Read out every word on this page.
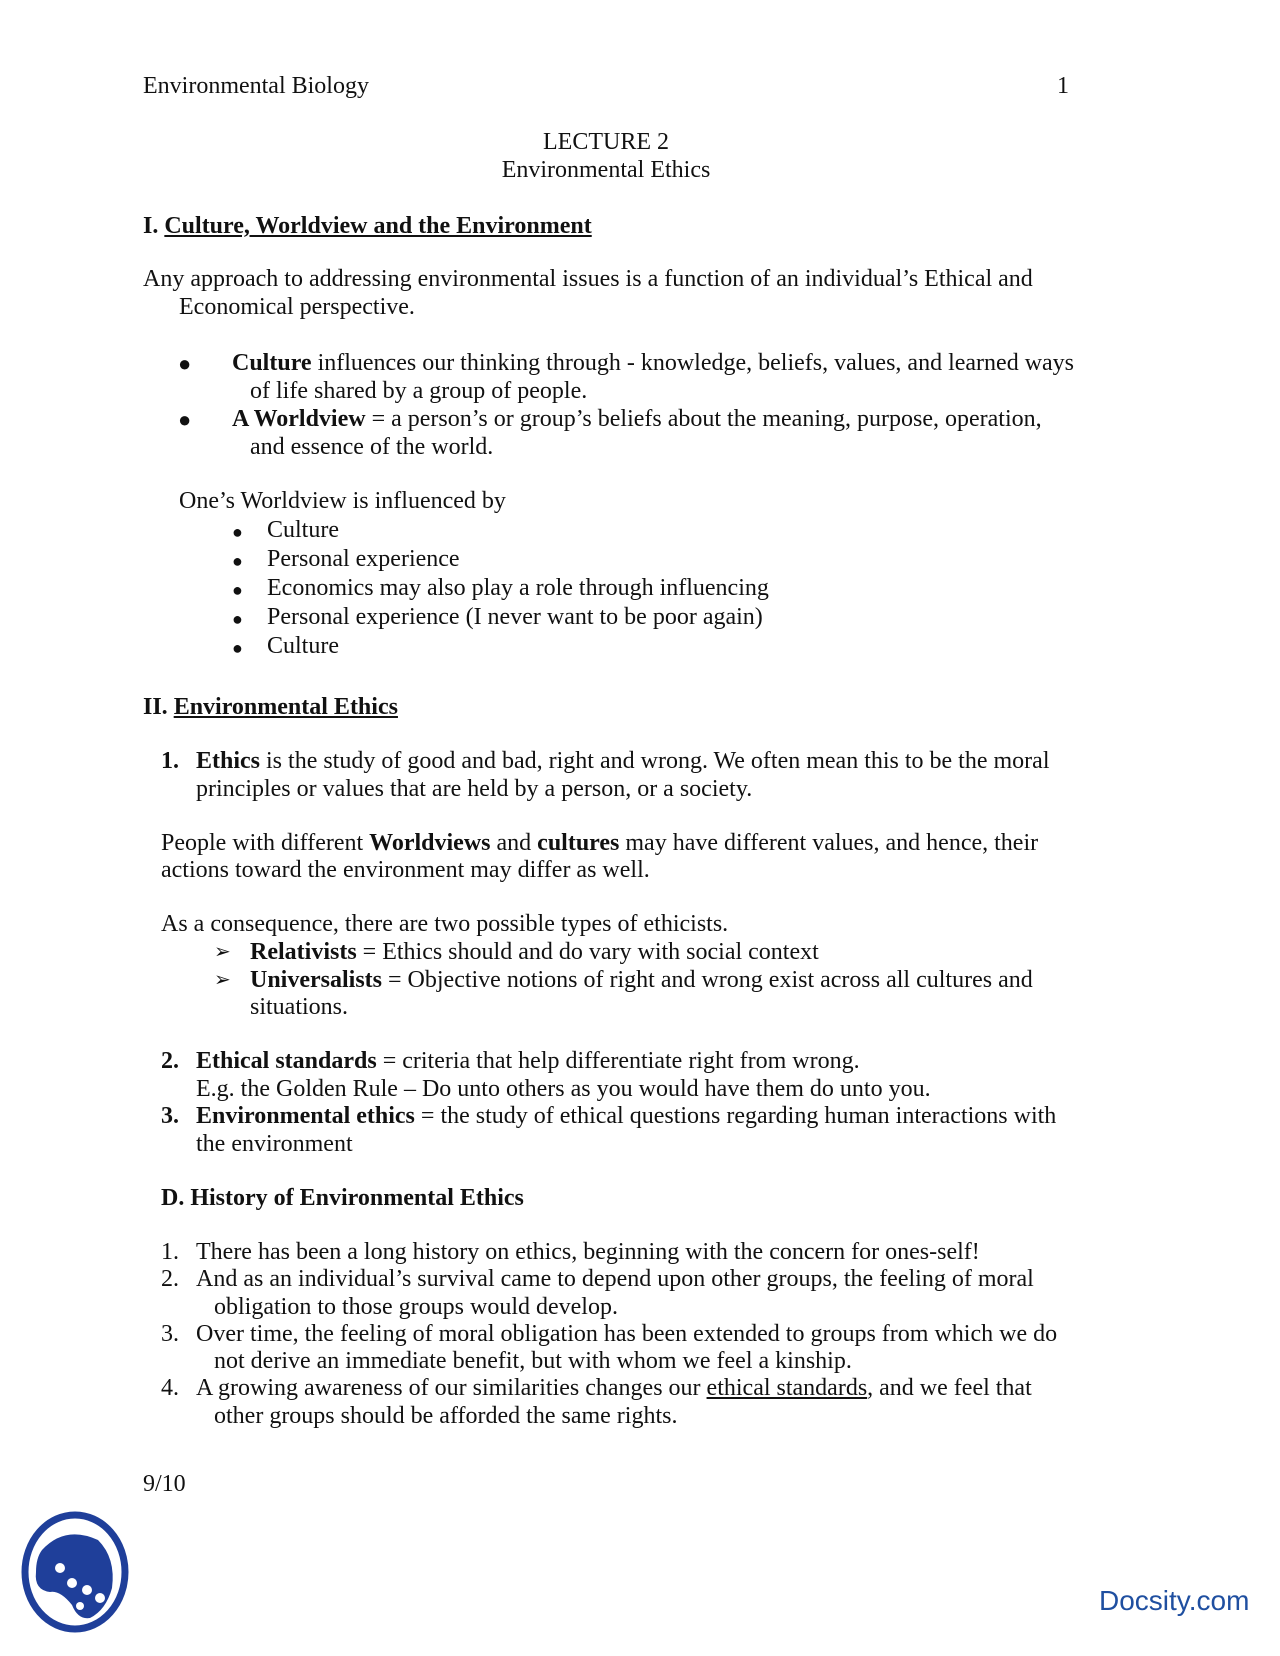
Environmental Biology	1
LECTURE 2
Environmental Ethics
I. Culture, Worldview and the Environment
Any approach to addressing environmental issues is a function of an individual’s Ethical and
Economical perspective.
● Culture influences our thinking through - knowledge, beliefs, values, and learned ways
of life shared by a group of people.
● A Worldview = a person’s or group’s beliefs about the meaning, purpose, operation,
and essence of the world.
One’s Worldview is influenced by
● Culture
● Personal experience
● Economics may also play a role through influencing
● Personal experience (I never want to be poor again)
● Culture
II. Environmental Ethics
1. Ethics is the study of good and bad, right and wrong. We often mean this to be the moral
principles or values that are held by a person, or a society.
People with different Worldviews and cultures may have different values, and hence, their
actions toward the environment may differ as well.
As a consequence, there are two possible types of ethicists.
➢ Relativists = Ethics should and do vary with social context
➢ Universalists = Objective notions of right and wrong exist across all cultures and
situations.
2. Ethical standards = criteria that help differentiate right from wrong.
E.g. the Golden Rule – Do unto others as you would have them do unto you.
3. Environmental ethics = the study of ethical questions regarding human interactions with
the environment
D. History of Environmental Ethics
1. There has been a long history on ethics, beginning with the concern for ones-self!
2. And as an individual’s survival came to depend upon other groups, the feeling of moral
obligation to those groups would develop.
3. Over time, the feeling of moral obligation has been extended to groups from which we do
not derive an immediate benefit, but with whom we feel a kinship.
4. A growing awareness of our similarities changes our ethical standards, and we feel that
other groups should be afforded the same rights.
9/10
Docsity.com
